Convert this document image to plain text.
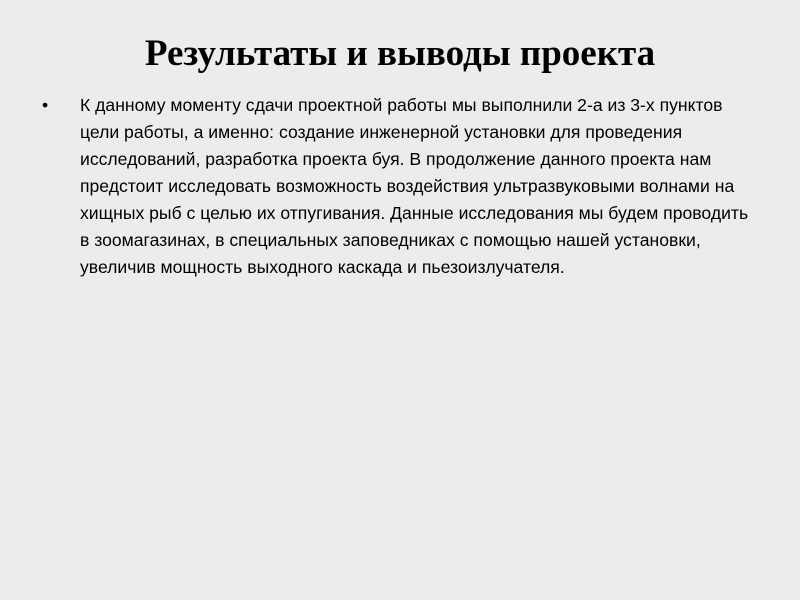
Результаты и выводы проекта
•	К данному моменту сдачи проектной работы мы выполнили 2-а из 3-х пунктов цели работы, а именно: создание инженерной установки для проведения исследований, разработка проекта буя. В продолжение данного проекта нам предстоит исследовать возможность воздействия ультразвуковыми волнами на хищных рыб с целью их отпугивания. Данные исследования мы будем проводить в зоомагазинах, в специальных заповедниках с помощью нашей установки, увеличив мощность выходного каскада и пьезоизлучателя.
